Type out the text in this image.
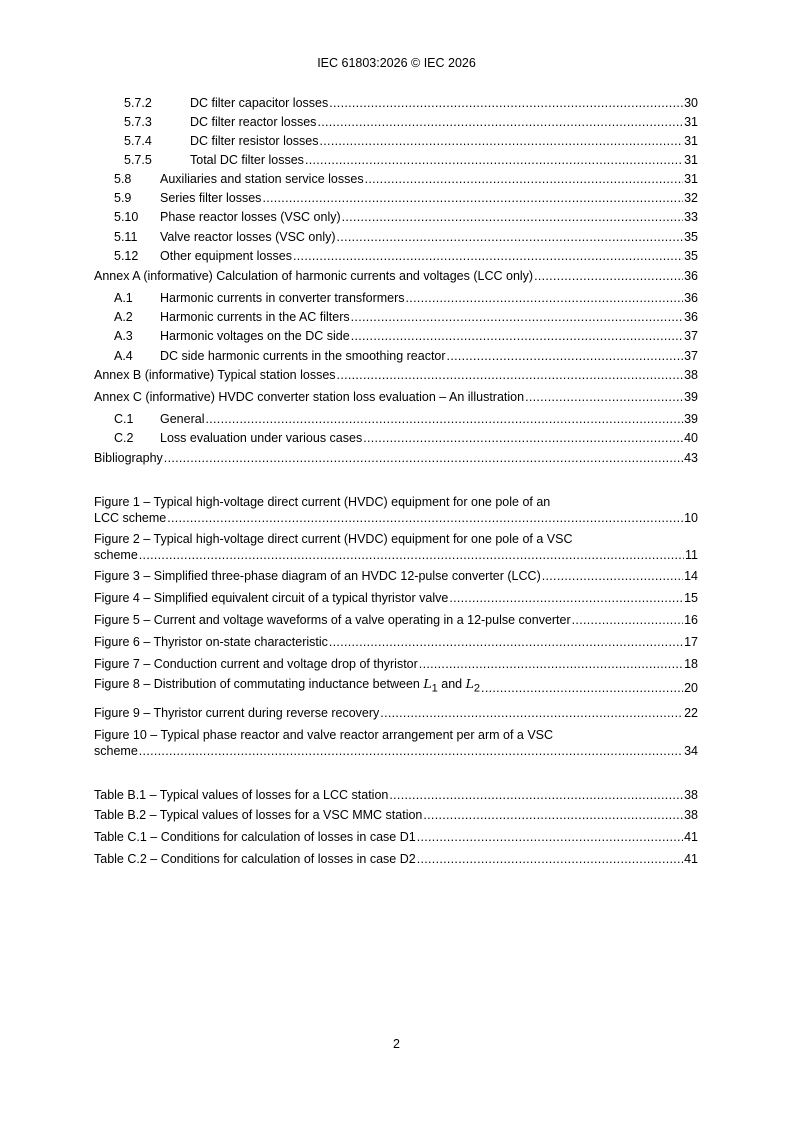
IEC 61803:2026 © IEC 2026
5.7.2	DC filter capacitor losses .....	30
5.7.3	DC filter reactor losses .....	31
5.7.4	DC filter resistor losses .....	31
5.7.5	Total DC filter losses .....	31
5.8	Auxiliaries and station service losses .....	31
5.9	Series filter losses .....	32
5.10	Phase reactor losses (VSC only) .....	33
5.11	Valve reactor losses (VSC only) .....	35
5.12	Other equipment losses .....	35
Annex A (informative) Calculation of harmonic currents and voltages (LCC only) .....	36
A.1	Harmonic currents in converter transformers .....	36
A.2	Harmonic currents in the AC filters .....	36
A.3	Harmonic voltages on the DC side .....	37
A.4	DC side harmonic currents in the smoothing reactor .....	37
Annex B (informative) Typical station losses .....	38
Annex C (informative) HVDC converter station loss evaluation – An illustration .....	39
C.1	General .....	39
C.2	Loss evaluation under various cases .....	40
Bibliography .....	43
Figure 1 – Typical high-voltage direct current (HVDC) equipment for one pole of an
LCC scheme .....	10
Figure 2 – Typical high-voltage direct current (HVDC) equipment for one pole of a VSC
scheme .....	11
Figure 3 – Simplified three-phase diagram of an HVDC 12-pulse converter (LCC) .....	14
Figure 4 – Simplified equivalent circuit of a typical thyristor valve .....	15
Figure 5 – Current and voltage waveforms of a valve operating in a 12-pulse converter .....	16
Figure 6 – Thyristor on-state characteristic .....	17
Figure 7 – Conduction current and voltage drop of thyristor .....	18
Figure 8 – Distribution of commutating inductance between $L_1$ and $L_2$ .....	20
Figure 9 – Thyristor current during reverse recovery .....	22
Figure 10 – Typical phase reactor and valve reactor arrangement per arm of a VSC
scheme .....	34
Table B.1 – Typical values of losses for a LCC station .....	38
Table B.2 – Typical values of losses for a VSC MMC station .....	38
Table C.1 – Conditions for calculation of losses in case D1 .....	41
Table C.2 – Conditions for calculation of losses in case D2 .....	41
2
